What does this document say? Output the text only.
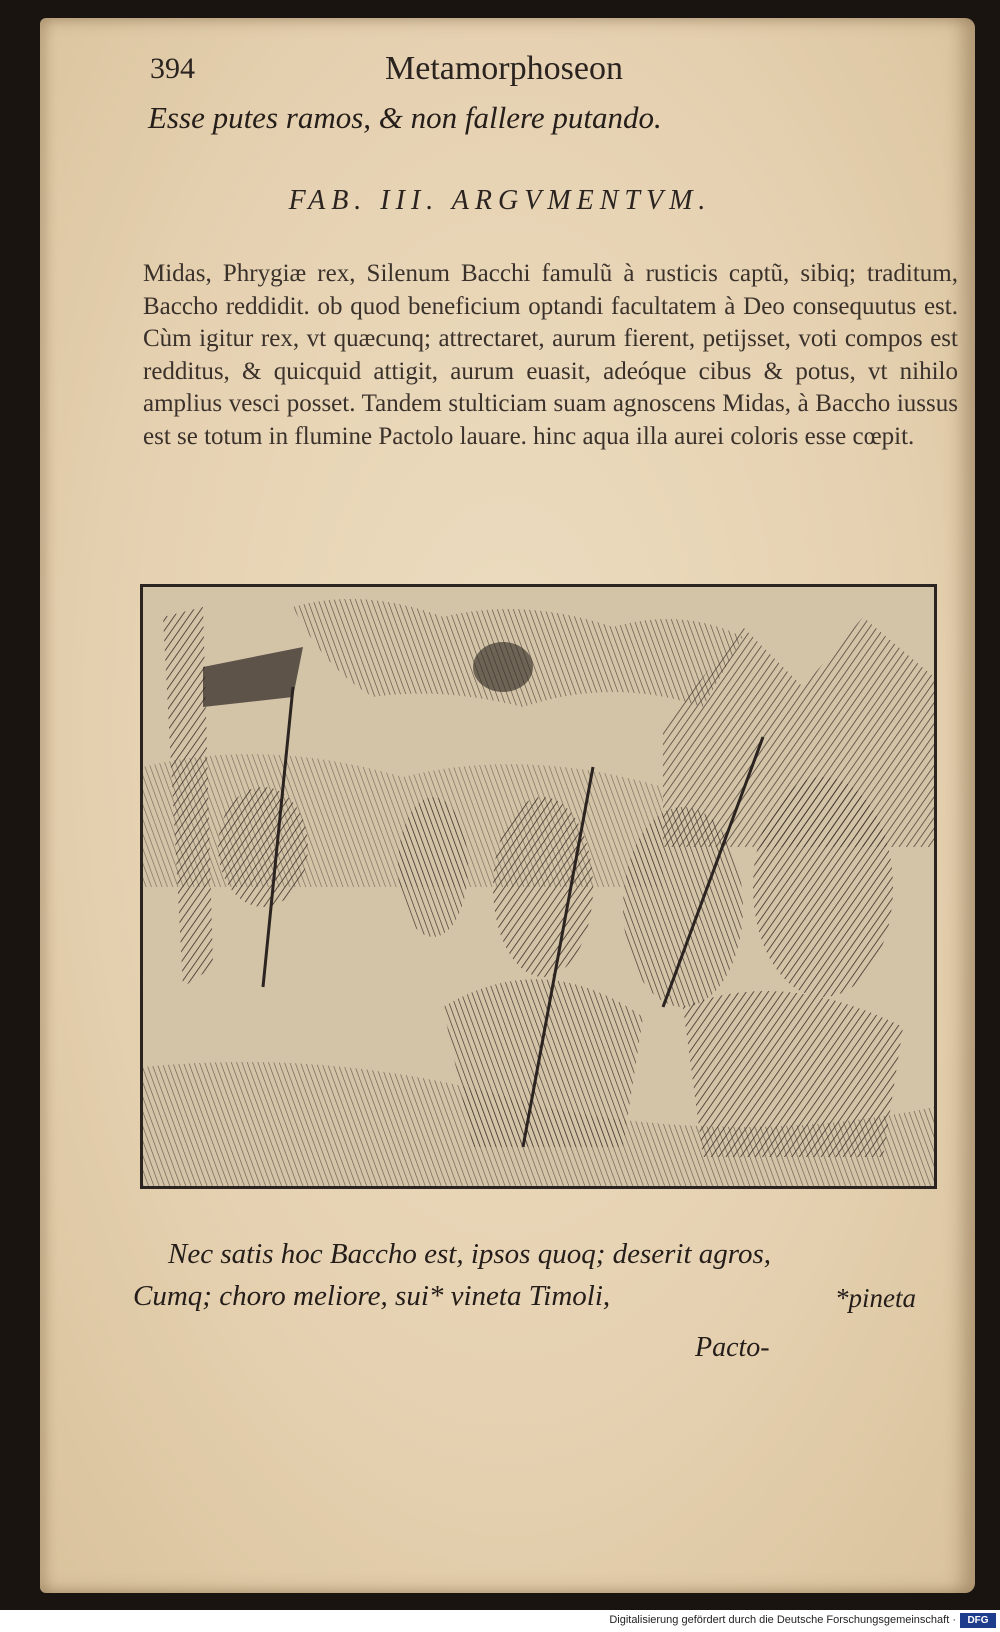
394	Metamorphoseon
Esse putes ramos, & non fallere putando.
FAB. III. ARGVMENTVM.
Midas, Phrygiæ rex, Silenum Bacchi famulũ à rusticis captũ, sibiq; traditum, Baccho reddidit. ob quod beneficium optandi facultatem à Deo consequutus est. Cùm igitur rex, vt quæcunq; attrectaret, aurum fierent, petijsset, voti compos est redditus, & quicquid attigit, aurum euasit, adeóque cibus & potus, vt nihilo amplius vesci posset. Tandem stulticiam suam agnoscens Midas, à Baccho iussus est se totum in flumine Pactolo lauare. hinc aqua illa aurei coloris esse cœpit.
Nec satis hoc Baccho est, ipsos quoq; deserit agros,
Cumq; choro meliore, sui* vineta Timoli,	*pineta
Pacto-
Digitalisierung gefördert durch die Deutsche Forschungsgemeinschaft ·	DFG
